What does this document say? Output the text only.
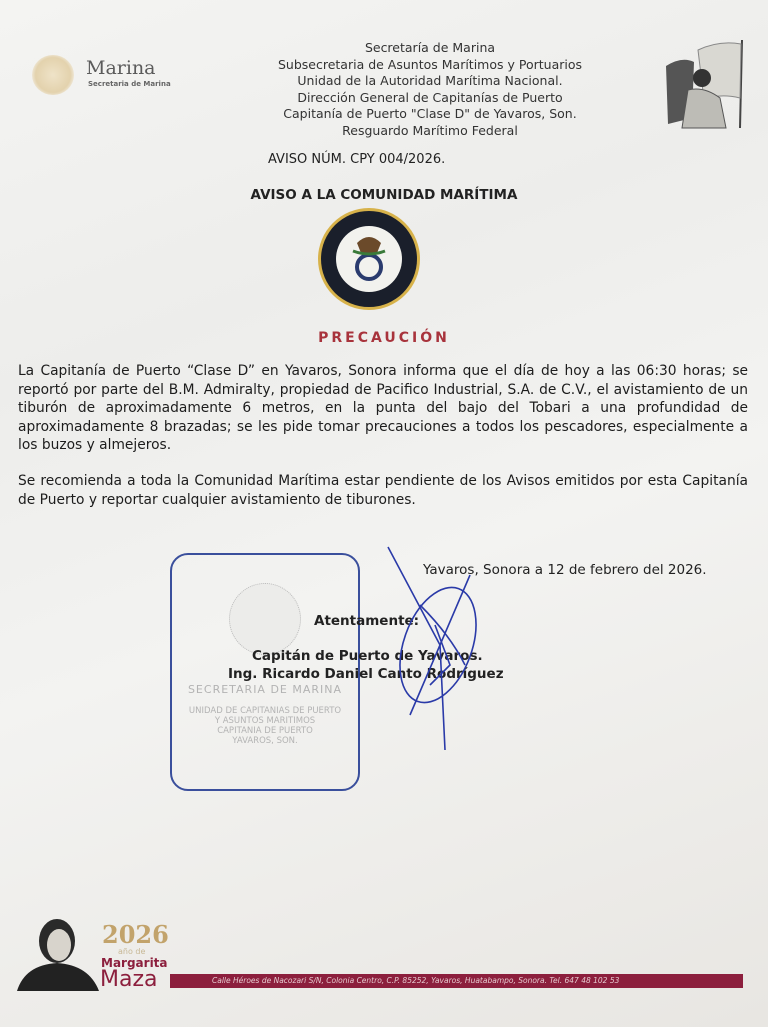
Marina
Secretaria de Marina
Secretaría de Marina
Subsecretaria de Asuntos Marítimos y Portuarios
Unidad de la Autoridad Marítima Nacional.
Dirección General de Capitanías de Puerto
Capitanía de Puerto "Clase D" de Yavaros, Son.
Resguardo Marítimo Federal
AVISO NÚM. CPY 004/2026.
AVISO A LA COMUNIDAD MARÍTIMA
PRECAUCIÓN
La Capitanía de Puerto “Clase D” en Yavaros, Sonora informa que el día de hoy a las 06:30 horas; se reportó por parte del B.M. Admiralty, propiedad de Pacifico Industrial, S.A. de C.V., el avistamiento de un tiburón de aproximadamente 6 metros, en la punta del bajo del Tobari a una profundidad de aproximadamente 8 brazadas; se les pide tomar precauciones a todos los pescadores, especialmente a los buzos y almejeros.
Se recomienda a toda la Comunidad Marítima estar pendiente de los Avisos emitidos por esta Capitanía de Puerto y reportar cualquier avistamiento de tiburones.
SECRETARIA DE MARINA
UNIDAD DE CAPITANIAS DE PUERTO
Y ASUNTOS MARITIMOS
CAPITANIA DE PUERTO
YAVAROS, SON.
Yavaros, Sonora a 12 de febrero del 2026.
Atentamente:
Capitán de Puerto de Yavaros.
Ing. Ricardo Daniel Canto Rodríguez
2026
año de
Margarita
Maza	Calle Héroes de Nacozari S/N, Colonia Centro, C.P. 85252, Yavaros, Huatabampo, Sonora. Tel. 647 48 102 53
